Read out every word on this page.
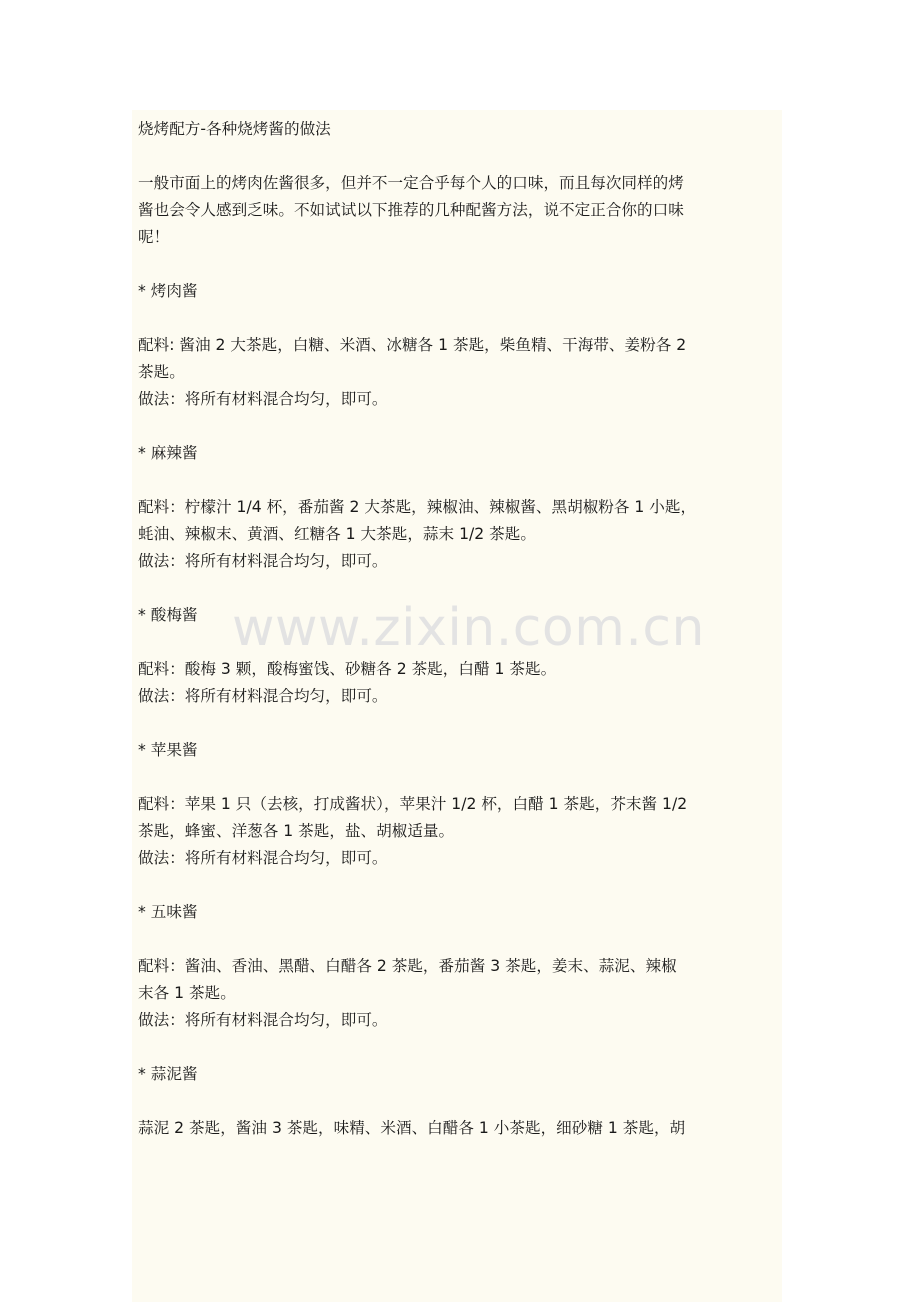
烧烤配方-各种烧烤酱的做法
一般市面上的烤肉佐酱很多，但并不一定合乎每个人的口味，而且每次同样的烤
酱也会令人感到乏味。不如试试以下推荐的几种配酱方法，说不定正合你的口味
呢！
* 烤肉酱
配料: 酱油 2 大茶匙，白糖、米酒、冰糖各 1 茶匙，柴鱼精、干海带、姜粉各 2
茶匙。
做法：将所有材料混合均匀，即可。
* 麻辣酱
配料：柠檬汁 1/4 杯，番茄酱 2 大茶匙，辣椒油、辣椒酱、黑胡椒粉各 1 小匙，
蚝油、辣椒末、黄酒、红糖各 1 大茶匙，蒜末 1/2 茶匙。
做法：将所有材料混合均匀，即可。
* 酸梅酱
配料：酸梅 3 颗，酸梅蜜饯、砂糖各 2 茶匙，白醋 1 茶匙。
做法：将所有材料混合均匀，即可。
* 苹果酱
配料：苹果 1 只（去核，打成酱状），苹果汁 1/2 杯，白醋 1 茶匙，芥末酱 1/2
茶匙，蜂蜜、洋葱各 1 茶匙，盐、胡椒适量。
做法：将所有材料混合均匀，即可。
* 五味酱
配料：酱油、香油、黑醋、白醋各 2 茶匙，番茄酱 3 茶匙，姜末、蒜泥、辣椒
末各 1 茶匙。
做法：将所有材料混合均匀，即可。
* 蒜泥酱
蒜泥 2 茶匙，酱油 3 茶匙，味精、米酒、白醋各 1 小茶匙，细砂糖 1 茶匙，胡
www.zixin.com.cn
